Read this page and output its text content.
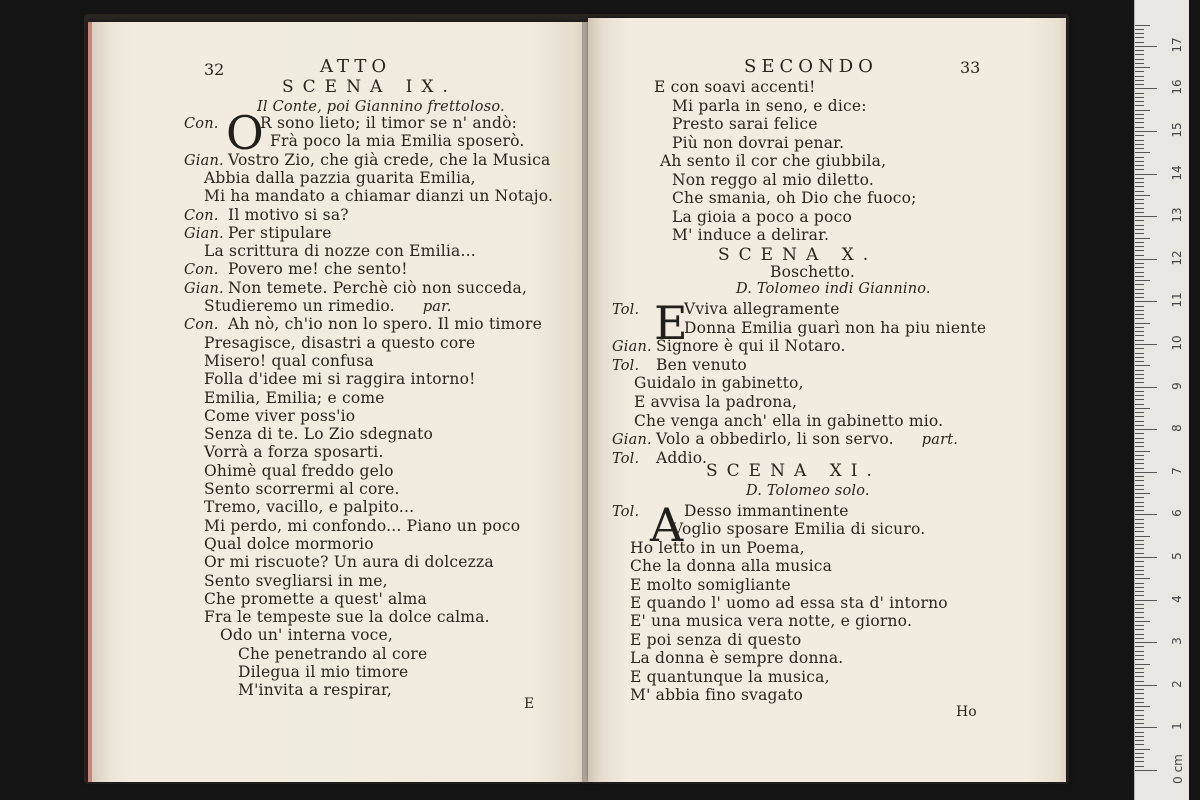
32	ATTO
SCENA IX.
Il Conte, poi Giannino frettoloso.
O
Con.	R sono lieto; il timor se n' andò:
Frà poco la mia Emilia sposerò.
Gian. Vostro Zio, che già crede, che la Musica
Abbia dalla pazzia guarita Emilia,
Mi ha mandato a chiamar dianzi un Notajo.
Con. Il motivo si sa?
Gian. Per stipulare
La scrittura di nozze con Emilia...
Con. Povero me! che sento!
Gian. Non temete. Perchè ciò non succeda,
Studieremo un rimedio. par.
Con. Ah nò, ch'io non lo spero. Il mio timore
Presagisce, disastri a questo core
Misero! qual confusa
Folla d'idee mi si raggira intorno!
Emilia, Emilia; e come
Come viver poss'io
Senza di te. Lo Zio sdegnato
Vorrà a forza sposarti.
Ohimè qual freddo gelo
Sento scorrermi al core.
Tremo, vacillo, e palpito...
Mi perdo, mi confondo... Piano un poco
Qual dolce mormorio
Or mi riscuote? Un aura di dolcezza
Sento svegliarsi in me,
Che promette a quest' alma
Fra le tempeste sue la dolce calma.
Odo un' interna voce,
Che penetrando al core
Dilegua il mio timore
M'invita a respirar,
E
SECONDO	33
E con soavi accenti!
Mi parla in seno, e dice:
Presto sarai felice
Più non dovrai penar.
Ah sento il cor che giubbila,
Non reggo al mio diletto.
Che smania, oh Dio che fuoco;
La gioia a poco a poco
M' induce a delirar.
SCENA X.
Boschetto.
D. Tolomeo indi Giannino.
E
Tol.	Vviva allegramente
Donna Emilia guarì non ha piu niente
Gian. Signore è qui il Notaro.
Tol. Ben venuto
Guidalo in gabinetto,
E avvisa la padrona,
Che venga anch' ella in gabinetto mio.
Gian. Volo a obbedirlo, li son servo. part.
Tol. Addio.
SCENA XI.
D. Tolomeo solo.
A
Tol.	Desso immantinente
Voglio sposare Emilia di sicuro.
Ho letto in un Poema,
Che la donna alla musica
E molto somigliante
E quando l' uomo ad essa sta d' intorno
E' una musica vera notte, e giorno.
E poi senza di questo
La donna è sempre donna.
E quantunque la musica,
M' abbia fino svagato
Ho
0 cm
1
2
3
4
5
6
7
8
9
10
11
12
13
14
15
16
17
